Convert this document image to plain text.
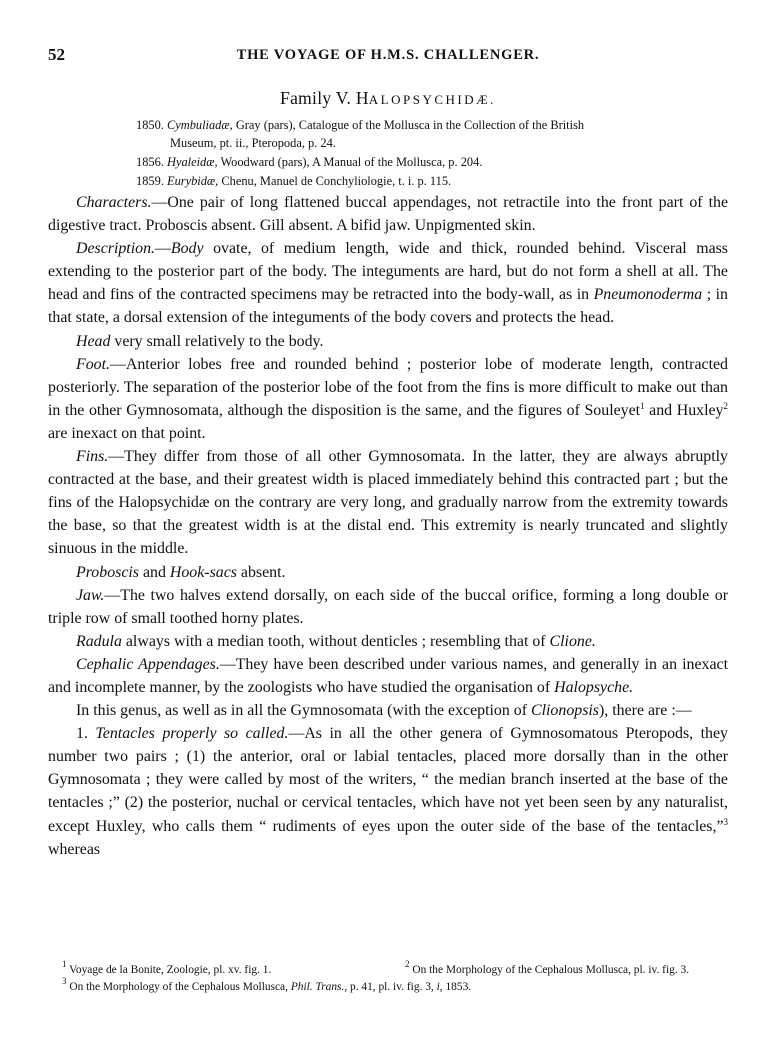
52	THE VOYAGE OF H.M.S. CHALLENGER.
Family V. HALOPSYCHIDÆ.
1850. Cymbuliadæ, Gray (pars), Catalogue of the Mollusca in the Collection of the British
Museum, pt. ii., Pteropoda, p. 24.
1856. Hyaleidæ, Woodward (pars), A Manual of the Mollusca, p. 204.
1859. Eurybidæ, Chenu, Manuel de Conchyliologie, t. i. p. 115.

Characters.—One pair of long flattened buccal appendages, not retractile into the front part of the digestive tract. Proboscis absent. Gill absent. A bifid jaw. Unpigmented skin.

Description.—Body ovate, of medium length, wide and thick, rounded behind. Visceral mass extending to the posterior part of the body. The integuments are hard, but do not form a shell at all. The head and fins of the contracted specimens may be retracted into the body-wall, as in Pneumonoderma ; in that state, a dorsal extension of the integuments of the body covers and protects the head.

Head very small relatively to the body.

Foot.—Anterior lobes free and rounded behind ; posterior lobe of moderate length, contracted posteriorly. The separation of the posterior lobe of the foot from the fins is more difficult to make out than in the other Gymnosomata, although the disposition is the same, and the figures of Souleyet$^1$ and Huxley$^2$ are inexact on that point.

Fins.—They differ from those of all other Gymnosomata. In the latter, they are always abruptly contracted at the base, and their greatest width is placed immediately behind this contracted part ; but the fins of the Halopsychidæ on the contrary are very long, and gradually narrow from the extremity towards the base, so that the greatest width is at the distal end. This extremity is nearly truncated and slightly sinuous in the middle.

Proboscis and Hook-sacs absent.

Jaw.—The two halves extend dorsally, on each side of the buccal orifice, forming a long double or triple row of small toothed horny plates.

Radula always with a median tooth, without denticles ; resembling that of Clione.

Cephalic Appendages.—They have been described under various names, and generally in an inexact and incomplete manner, by the zoologists who have studied the organisation of Halopsyche.

In this genus, as well as in all the Gymnosomata (with the exception of Clionopsis), there are :—

1. Tentacles properly so called.—As in all the other genera of Gymnosomatous Pteropods, they number two pairs ; (1) the anterior, oral or labial tentacles, placed more dorsally than in the other Gymnosomata ; they were called by most of the writers, “ the median branch inserted at the base of the tentacles ;” (2) the posterior, nuchal or cervical tentacles, which have not yet been seen by any naturalist, except Huxley, who calls them “ rudiments of eyes upon the outer side of the base of the tentacles,”$^3$ whereas

$^1$ Voyage de la Bonite, Zoologie, pl. xv. fig. 1.	$^2$ On the Morphology of the Cephalous Mollusca, pl. iv. fig. 3.
$^3$ On the Morphology of the Cephalous Mollusca, Phil. Trans., p. 41, pl. iv. fig. 3, i, 1853.
